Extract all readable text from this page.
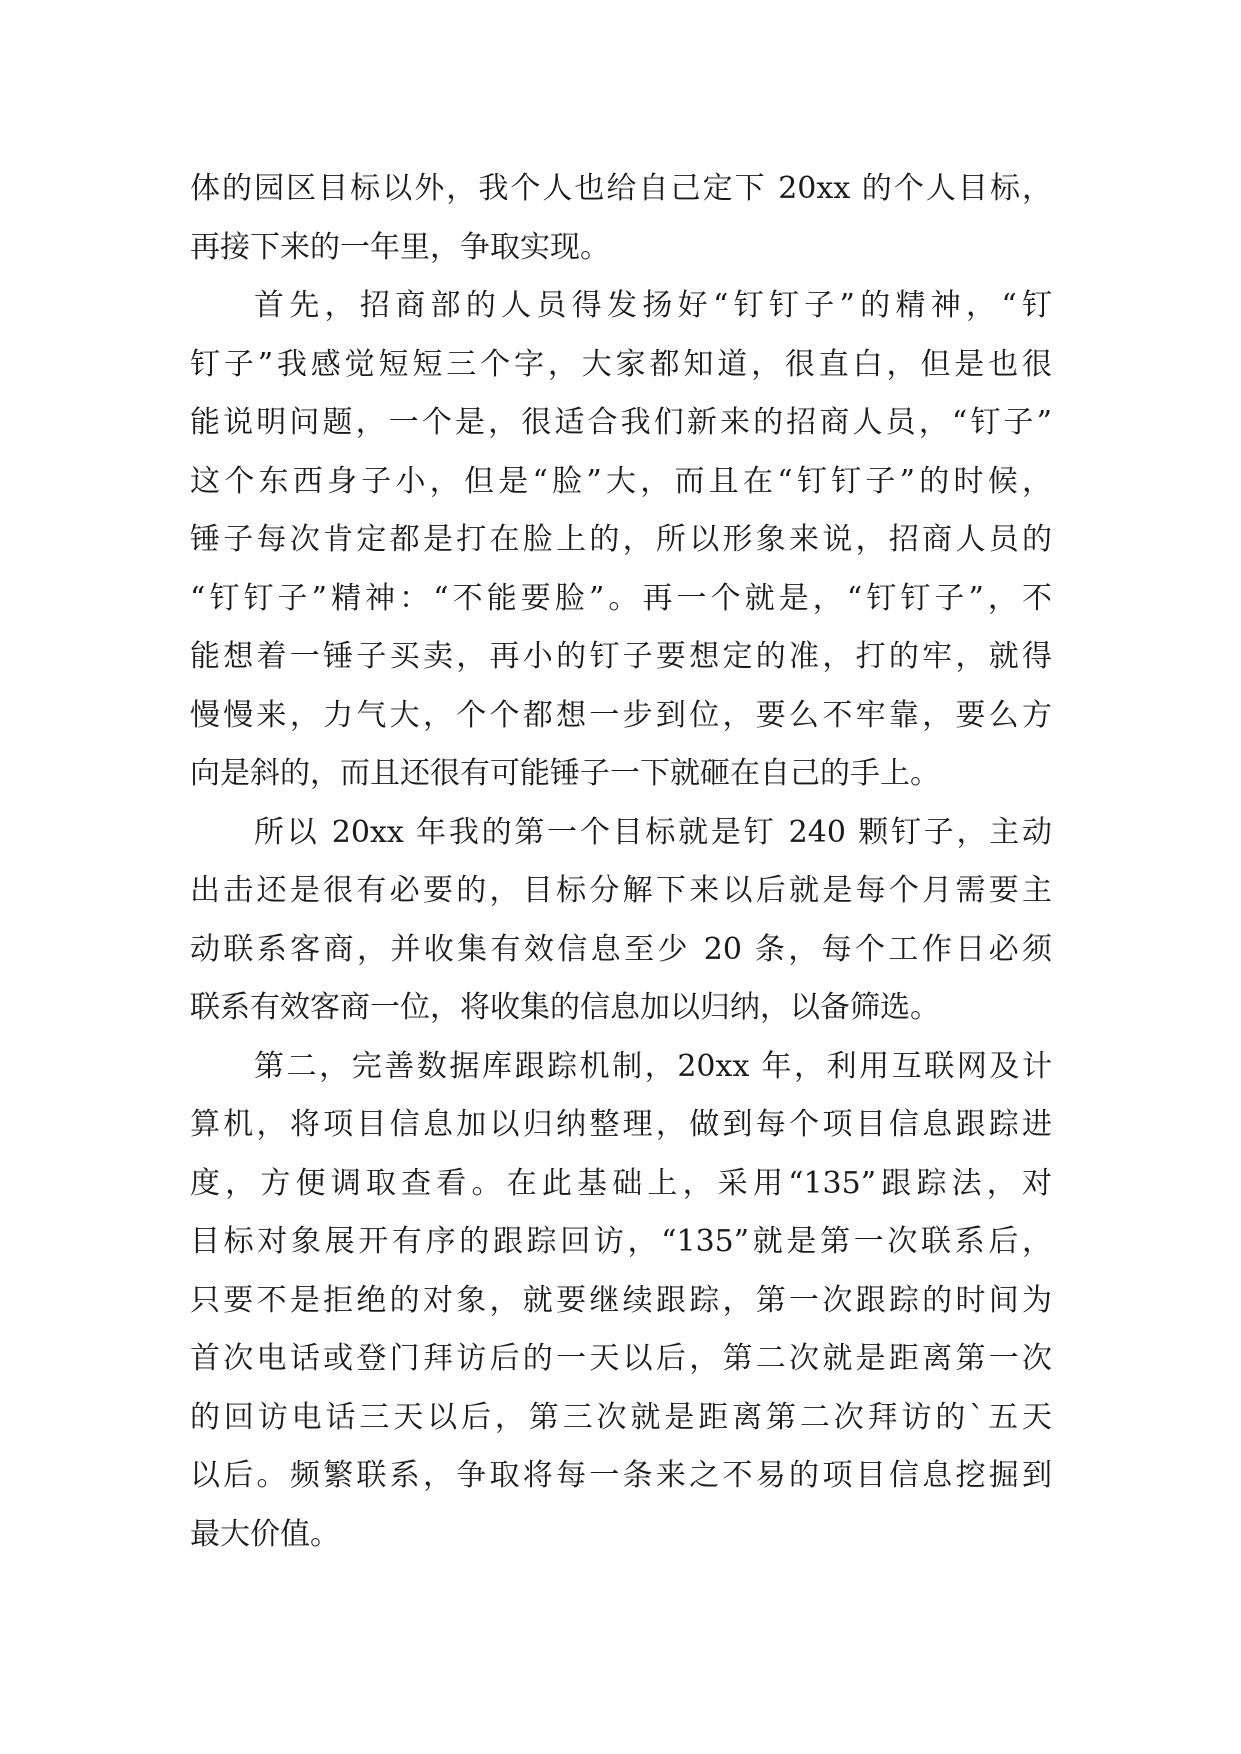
体的园区目标以外，我个人也给自己定下 20xx 的个人目标，
再接下来的一年里，争取实现。
首先，招商部的人员得发扬好“钉钉子”的精神，“钉
钉子”我感觉短短三个字，大家都知道，很直白，但是也很
能说明问题，一个是，很适合我们新来的招商人员，“钉子”
这个东西身子小，但是“脸”大，而且在“钉钉子”的时候，
锤子每次肯定都是打在脸上的，所以形象来说，招商人员的
“钉钉子”精神：“不能要脸”。再一个就是，“钉钉子”，不
能想着一锤子买卖，再小的钉子要想定的准，打的牢，就得
慢慢来，力气大，个个都想一步到位，要么不牢靠，要么方
向是斜的，而且还很有可能锤子一下就砸在自己的手上。
所以 20xx 年我的第一个目标就是钉 240 颗钉子，主动
出击还是很有必要的，目标分解下来以后就是每个月需要主
动联系客商，并收集有效信息至少 20 条，每个工作日必须
联系有效客商一位，将收集的信息加以归纳，以备筛选。
第二，完善数据库跟踪机制，20xx 年，利用互联网及计
算机，将项目信息加以归纳整理，做到每个项目信息跟踪进
度，方便调取查看。在此基础上，采用“135”跟踪法，对
目标对象展开有序的跟踪回访，“135”就是第一次联系后，
只要不是拒绝的对象，就要继续跟踪，第一次跟踪的时间为
首次电话或登门拜访后的一天以后，第二次就是距离第一次
的回访电话三天以后，第三次就是距离第二次拜访的`五天
以后。频繁联系，争取将每一条来之不易的项目信息挖掘到
最大价值。
